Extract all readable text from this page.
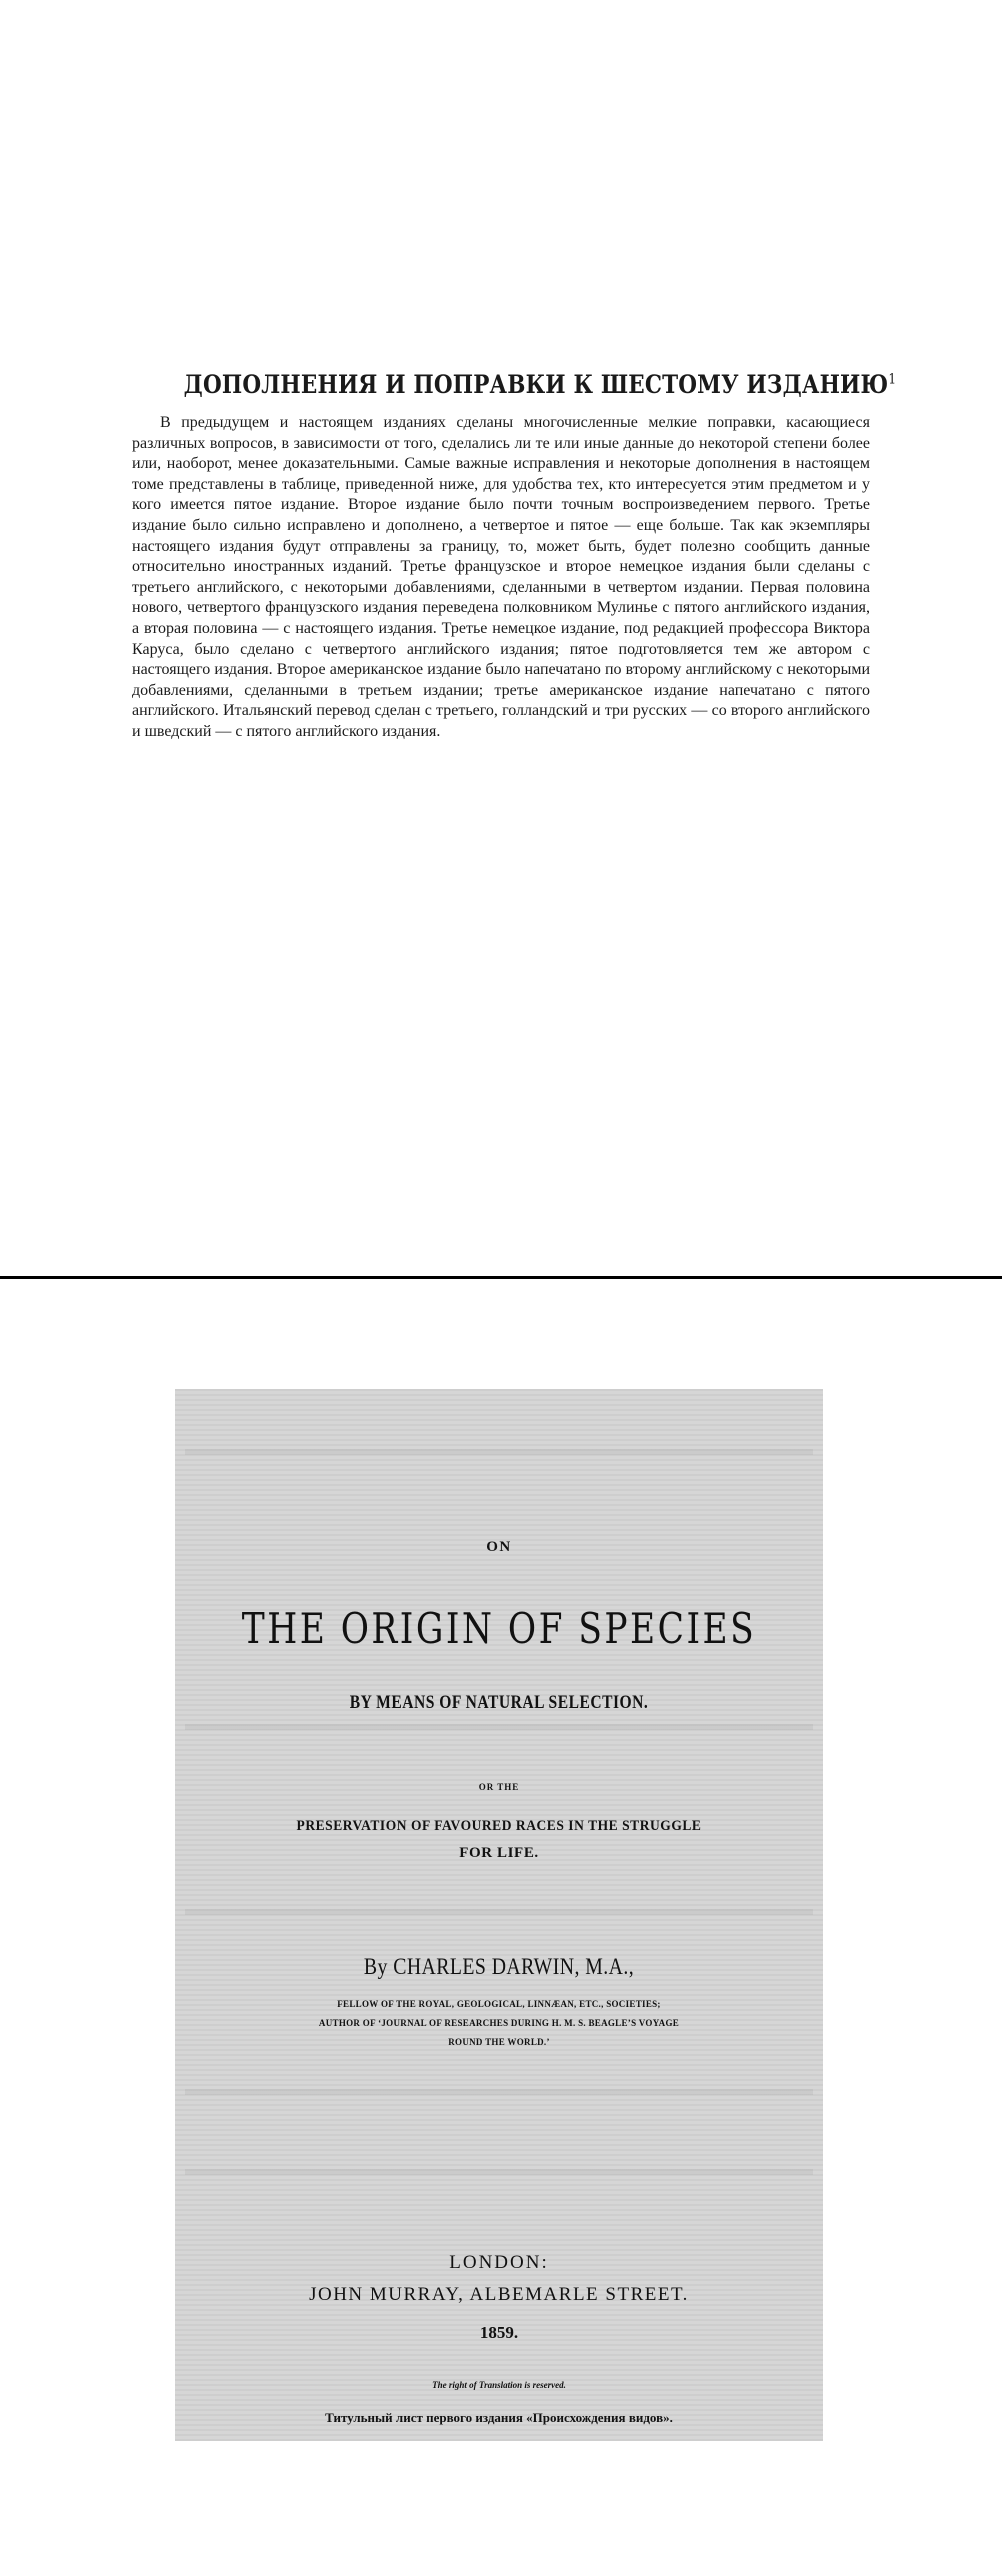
ДОПОЛНЕНИЯ И ПОПРАВКИ К ШЕСТОМУ ИЗДАНИЮ$^1$

В предыдущем и настоящем изданиях сделаны многочисленные мелкие поправки, касающиеся различных вопросов, в зависимости от того, сделались ли те или иные данные до некоторой степени более или, наоборот, менее доказательными. Самые важные исправления и некоторые дополнения в настоящем томе представлены в таблице, приведенной ниже, для удобства тех, кто интересуется этим предметом и у кого имеется пятое издание. Второе издание было почти точным воспроизведением первого. Третье издание было сильно исправлено и дополнено, а четвертое и пятое — еще больше. Так как экземпляры настоящего издания будут отправлены за границу, то, может быть, будет полезно сообщить данные относительно иностранных изданий. Третье французское и второе немецкое издания были сделаны с третьего английского, с некоторыми добавлениями, сделанными в четвертом издании. Первая половина нового, четвертого французского издания переведена полковником Мулинье с пятого английского издания, а вторая половина — с настоящего издания. Третье немецкое издание, под редакцией профессора Виктора Каруса, было сделано с четвертого английского издания; пятое подготовляется тем же автором с настоящего издания. Второе американское издание было напечатано по второму английскому с некоторыми добавлениями, сделанными в третьем издании; третье американское издание напечатано с пятого английского. Итальянский перевод сделан с третьего, голландский и три русских — со второго английского и шведский — с пятого английского издания.

ON
THE ORIGIN OF SPECIES
BY MEANS OF NATURAL SELECTION.
OR THE
PRESERVATION OF FAVOURED RACES IN THE STRUGGLE
FOR LIFE.
By CHARLES DARWIN, M.A.,
FELLOW OF THE ROYAL, GEOLOGICAL, LINNÆAN, ETC., SOCIETIES;
AUTHOR OF ‘JOURNAL OF RESEARCHES DURING H. M. S. BEAGLE’S VOYAGE
ROUND THE WORLD.’
LONDON:
JOHN MURRAY, ALBEMARLE STREET.
1859.
The right of Translation is reserved.
Титульный лист первого издания «Происхождения видов».
